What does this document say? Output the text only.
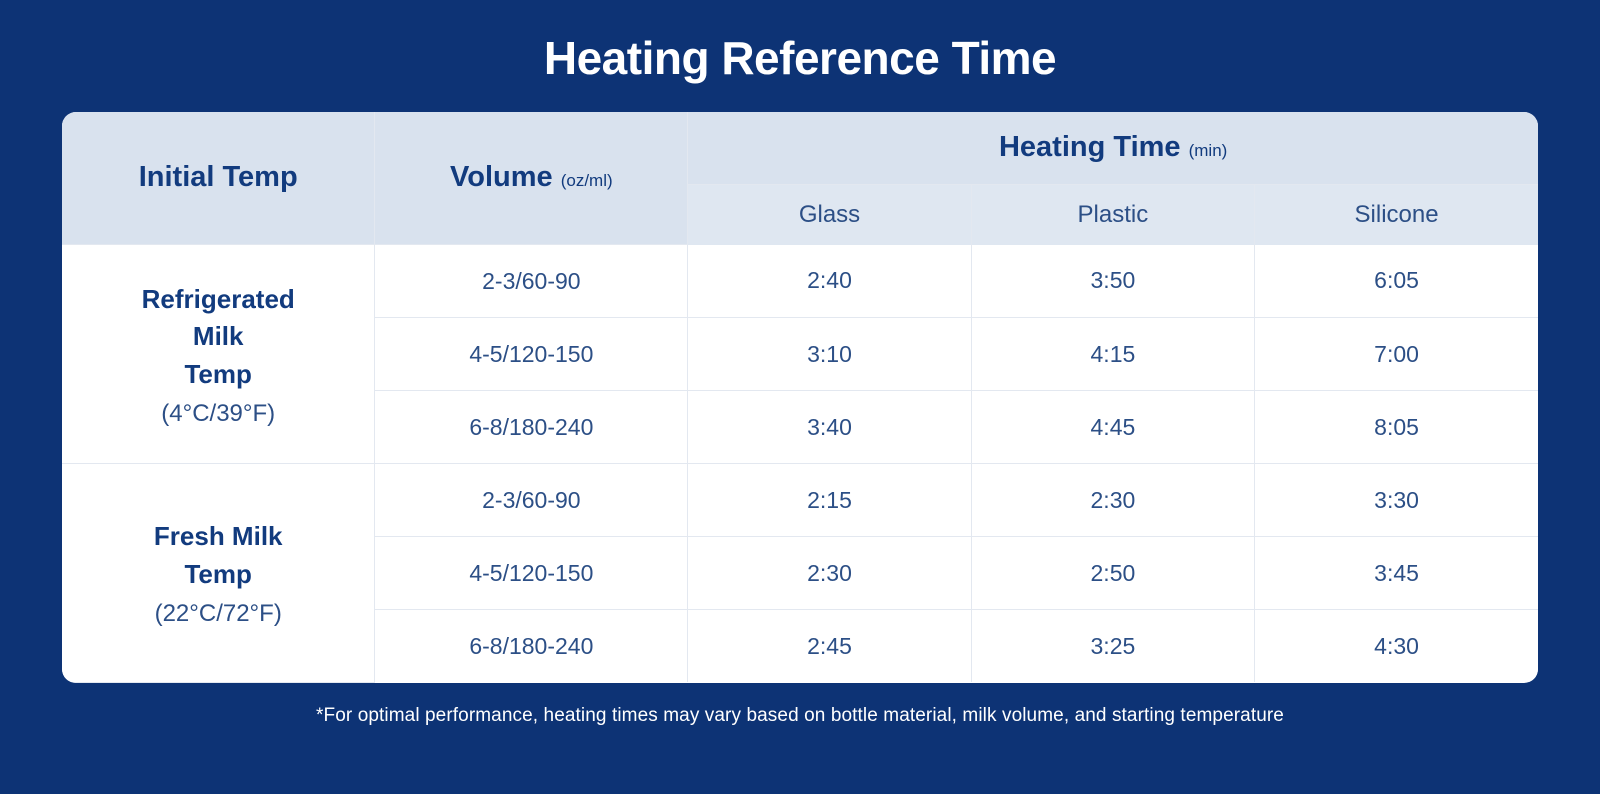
Heating Reference Time
Initial Temp	Volume (oz/ml)	Heating Time (min)		
		Glass	Plastic	Silicone

Refrigerated
Milk
Temp
(4°C/39°F)	2-3/60-90	2:40	3:50	6:05
	4-5/120-150	3:10	4:15	7:00
	6-8/180-240	3:40	4:45	8:05

Fresh Milk
Temp
(22°C/72°F)	2-3/60-90	2:15	2:30	3:30
	4-5/120-150	2:30	2:50	3:45
	6-8/180-240	2:45	3:25	4:30
*For optimal performance, heating times may vary based on bottle material, milk volume, and starting temperature
